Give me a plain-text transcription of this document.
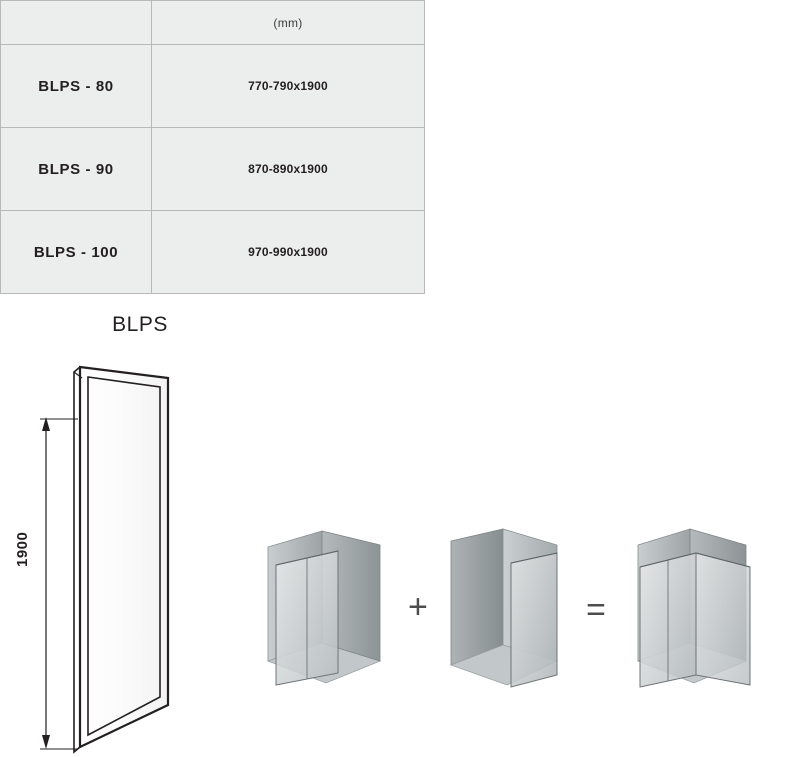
	(mm)
BLPS - 80	770-790x1900
BLPS - 90	870-890x1900
BLPS - 100	970-990x1900
BLPS
1900
+	=
